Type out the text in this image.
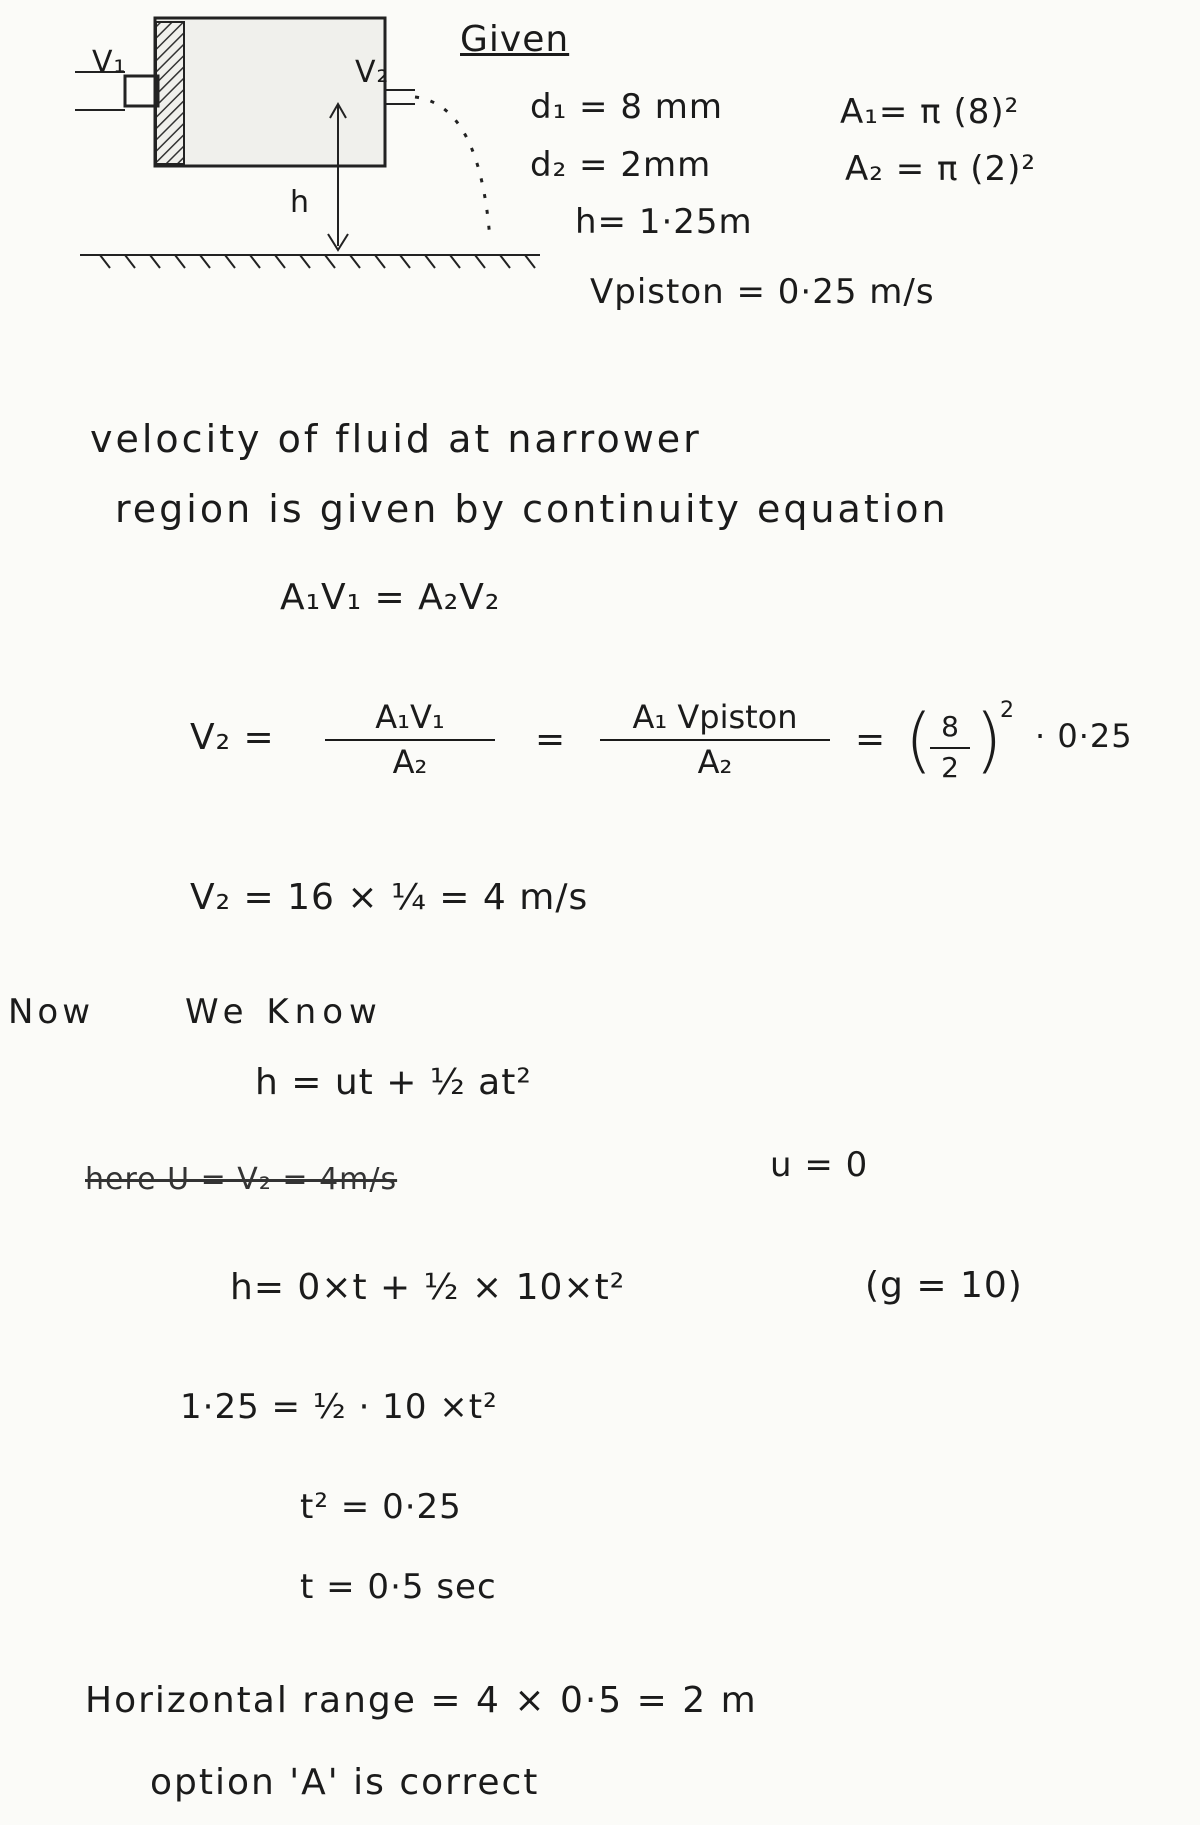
V₁	V₂
h
Given
d₁ = 8 mm
d₂ = 2mm
h= 1·25m
Vpiston = 0·25 m/s
A₁= π (8)²
A₂ = π (2)²
velocity of fluid at narrower
region is given by continuity equation
A₁V₁ = A₂V₂
V₂ =	A₁V₁
A₂
=
A₁ Vpiston
A₂
= ( 8
2 )
2
· 0·25
V₂ = 16 × ¼ = 4 m/s
Now	We Know
h = ut + ½ at²
here U = V₂ = 4m/s	u = 0
h= 0×t + ½ × 10×t²	(g = 10)
1·25 = ½ · 10 ×t²
t² = 0·25
t = 0·5 sec
Horizontal range = 4 × 0·5 = 2 m
option 'A' is correct
